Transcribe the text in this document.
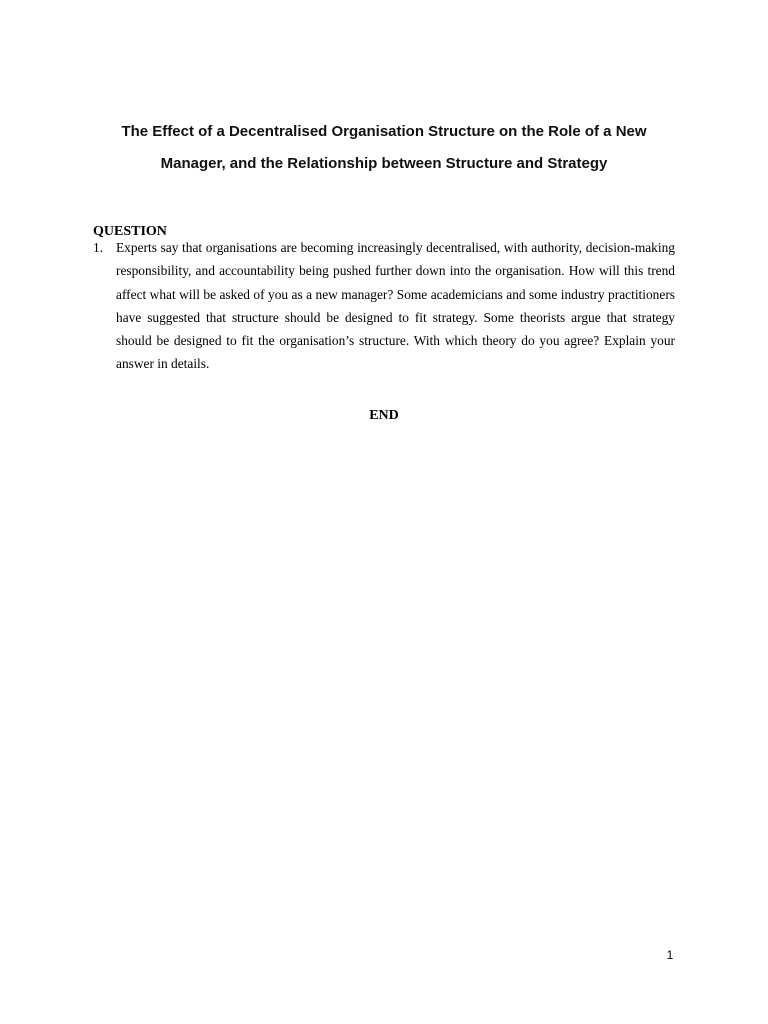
The Effect of a Decentralised Organisation Structure on the Role of a New
Manager, and the Relationship between Structure and Strategy
QUESTION
1. Experts say that organisations are becoming increasingly decentralised, with authority, decision-making responsibility, and accountability being pushed further down into the organisation. How will this trend affect what will be asked of you as a new manager? Some academicians and some industry practitioners have suggested that structure should be designed to fit strategy. Some theorists argue that strategy should be designed to fit the organisation’s structure. With which theory do you agree? Explain your answer in details.
END
1
